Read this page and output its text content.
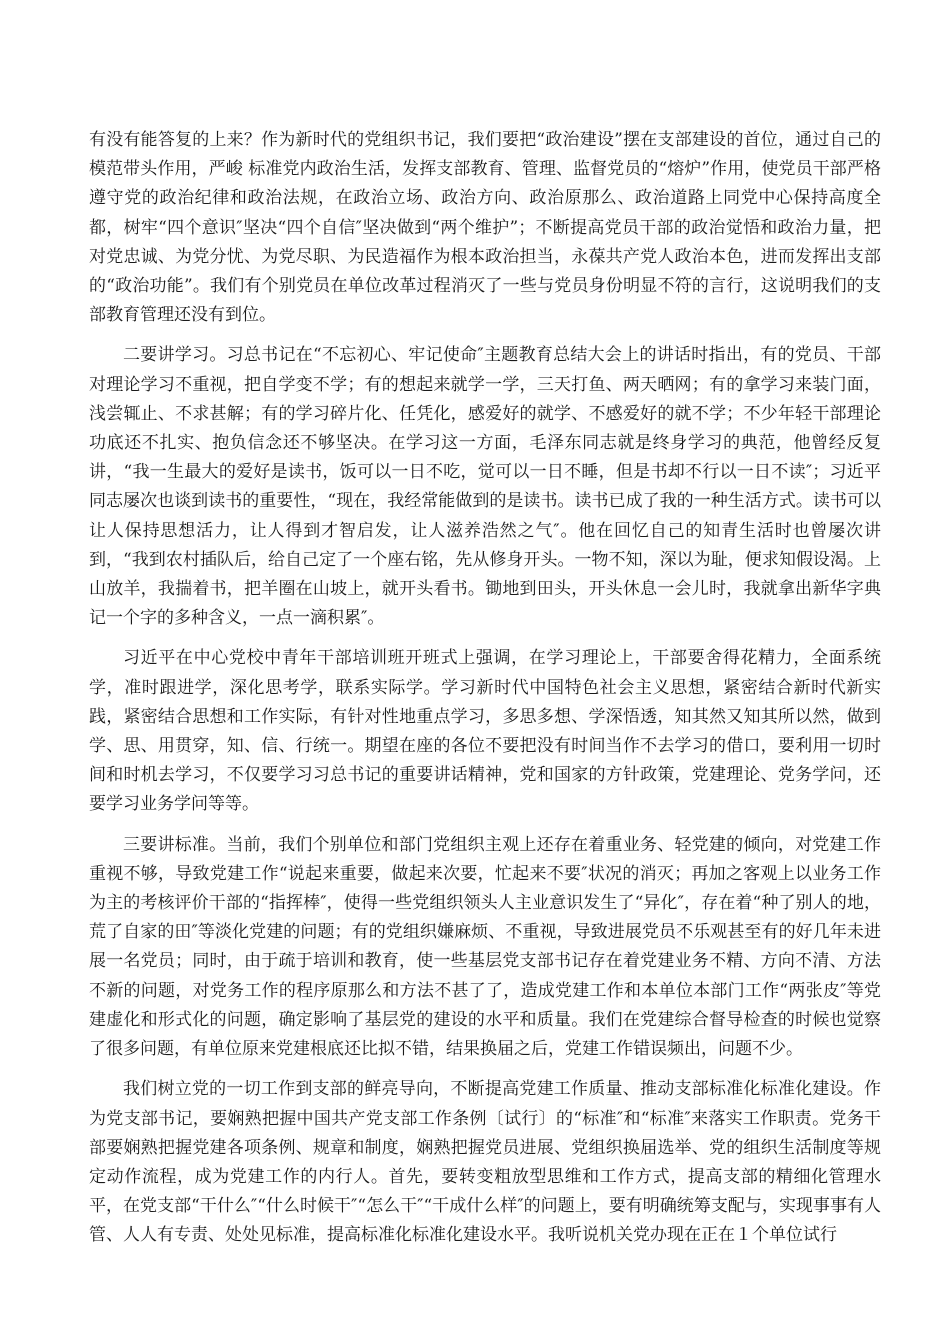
有没有能答复的上来？作为新时代的党组织书记，我们要把“政治建设”摆在支部建设的首位，通过自己的模范带头作用，严峻 标准党内政治生活，发挥支部教育、管理、监督党员的“熔炉”作用，使党员干部严格遵守党的政治纪律和政治法规，在政治立场、政治方向、政治原那么、政治道路上同党中心保持高度全都，树牢“四个意识″坚决“四个自信″坚决做到“两个维护”；不断提高党员干部的政治觉悟和政治力量，把对党忠诚、为党分忧、为党尽职、为民造福作为根本政治担当，永葆共产党人政治本色，进而发挥出支部的“政治功能”。我们有个别党员在单位改革过程消灭了一些与党员身份明显不符的言行，这说明我们的支部教育管理还没有到位。

二要讲学习。习总书记在“不忘初心、牢记使命″主题教育总结大会上的讲话时指出，有的党员、干部对理论学习不重视，把自学变不学；有的想起来就学一学，三天打鱼、两天晒网；有的拿学习来装门面，浅尝辄止、不求甚解；有的学习碎片化、任凭化，感爱好的就学、不感爱好的就不学；不少年轻干部理论功底还不扎实、抱负信念还不够坚决。在学习这一方面，毛泽东同志就是终身学习的典范，他曾经反复讲，“我一生最大的爱好是读书，饭可以一日不吃，觉可以一日不睡，但是书却不行以一日不读″；习近平同志屡次也谈到读书的重要性，“现在，我经常能做到的是读书。读书已成了我的一种生活方式。读书可以让人保持思想活力，让人得到才智启发，让人滋养浩然之气″。他在回忆自己的知青生活时也曾屡次讲到，“我到农村插队后，给自己定了一个座右铭，先从修身开头。一物不知，深以为耻，便求知假设渴。上山放羊，我揣着书，把羊圈在山坡上，就开头看书。锄地到田头，开头休息一会儿时，我就拿出新华字典记一个字的多种含义，一点一滴积累″。

习近平在中心党校中青年干部培训班开班式上强调，在学习理论上，干部要舍得花精力，全面系统学，准时跟进学，深化思考学，联系实际学。学习新时代中国特色社会主义思想，紧密结合新时代新实践，紧密结合思想和工作实际，有针对性地重点学习，多思多想、学深悟透，知其然又知其所以然，做到学、思、用贯穿，知、信、行统一。期望在座的各位不要把没有时间当作不去学习的借口，要利用一切时间和时机去学习，不仅要学习习总书记的重要讲话精神，党和国家的方针政策，党建理论、党务学问，还要学习业务学问等等。

三要讲标准。当前，我们个别单位和部门党组织主观上还存在着重业务、轻党建的倾向，对党建工作重视不够，导致党建工作“说起来重要，做起来次要，忙起来不要″状况的消灭；再加之客观上以业务工作为主的考核评价干部的“指挥棒″，使得一些党组织领头人主业意识发生了“异化″，存在着“种了别人的地，荒了自家的田″等淡化党建的问题；有的党组织嫌麻烦、不重视，导致进展党员不乐观甚至有的好几年未进展一名党员；同时，由于疏于培训和教育，使一些基层党支部书记存在着党建业务不精、方向不清、方法不新的问题，对党务工作的程序原那么和方法不甚了了，造成党建工作和本单位本部门工作“两张皮″等党建虚化和形式化的问题，确定影响了基层党的建设的水平和质量。我们在党建综合督导检查的时候也觉察了很多问题，有单位原来党建根底还比拟不错，结果换届之后，党建工作错误频出，问题不少。

我们树立党的一切工作到支部的鲜亮导向，不断提高党建工作质量、推动支部标准化标准化建设。作为党支部书记，要娴熟把握中国共产党支部工作条例〔试行〕的“标准″和“标准″来落实工作职责。党务干部要娴熟把握党建各项条例、规章和制度，娴熟把握党员进展、党组织换届选举、党的组织生活制度等规定动作流程，成为党建工作的内行人。首先，要转变粗放型思维和工作方式，提高支部的精细化管理水平，在党支部“干什么″“什么时候干″“怎么干″“干成什么样″的问题上，要有明确统筹支配与，实现事事有人管、人人有专责、处处见标准，提高标准化标准化建设水平。我听说机关党办现在正在１个单位试行
